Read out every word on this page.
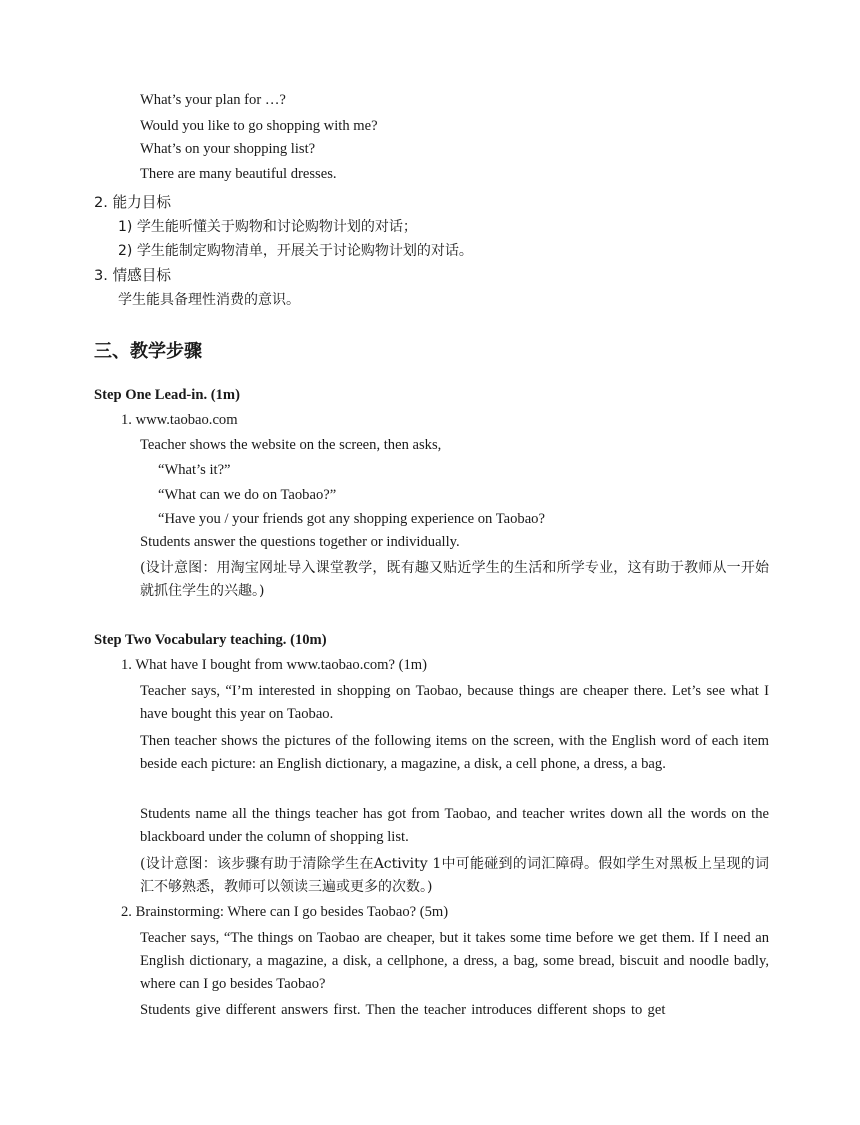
What’s your plan for …?

Would you like to go shopping with me?

What’s on your shopping list?

There are many beautiful dresses.

2. 能力目标

1) 学生能听懂关于购物和讨论购物计划的对话；

2) 学生能制定购物清单，开展关于讨论购物计划的对话。

3. 情感目标

学生能具备理性消费的意识。

三、教学步骤

Step One Lead-in. (1m)

1. www.taobao.com

Teacher shows the website on the screen, then asks,

“What’s it?”

“What can we do on Taobao?”

“Have you / your friends got any shopping experience on Taobao?

Students answer the questions together or individually.

(设计意图：用淘宝网址导入课堂教学，既有趣又贴近学生的生活和所学专业，这有助于教师从一开始就抓住学生的兴趣。)

Step Two Vocabulary teaching. (10m)

1. What have I bought from www.taobao.com? (1m)

Teacher says, “I’m interested in shopping on Taobao, because things are cheaper there. Let’s see what I have bought this year on Taobao.

Then teacher shows the pictures of the following items on the screen, with the English word of each item beside each picture: an English dictionary, a magazine, a disk, a cell phone, a dress, a bag.

Students name all the things teacher has got from Taobao, and teacher writes down all the words on the blackboard under the column of shopping list.

(设计意图：该步骤有助于清除学生在Activity 1中可能碰到的词汇障碍。假如学生对黑板上呈现的词汇不够熟悉，教师可以领读三遍或更多的次数。)

2. Brainstorming: Where can I go besides Taobao? (5m)

Teacher says, “The things on Taobao are cheaper, but it takes some time before we get them. If I need an English dictionary, a magazine, a disk, a cellphone, a dress, a bag, some bread, biscuit and noodle badly, where can I go besides Taobao?

Students give different answers first. Then the teacher introduces different shops to get
